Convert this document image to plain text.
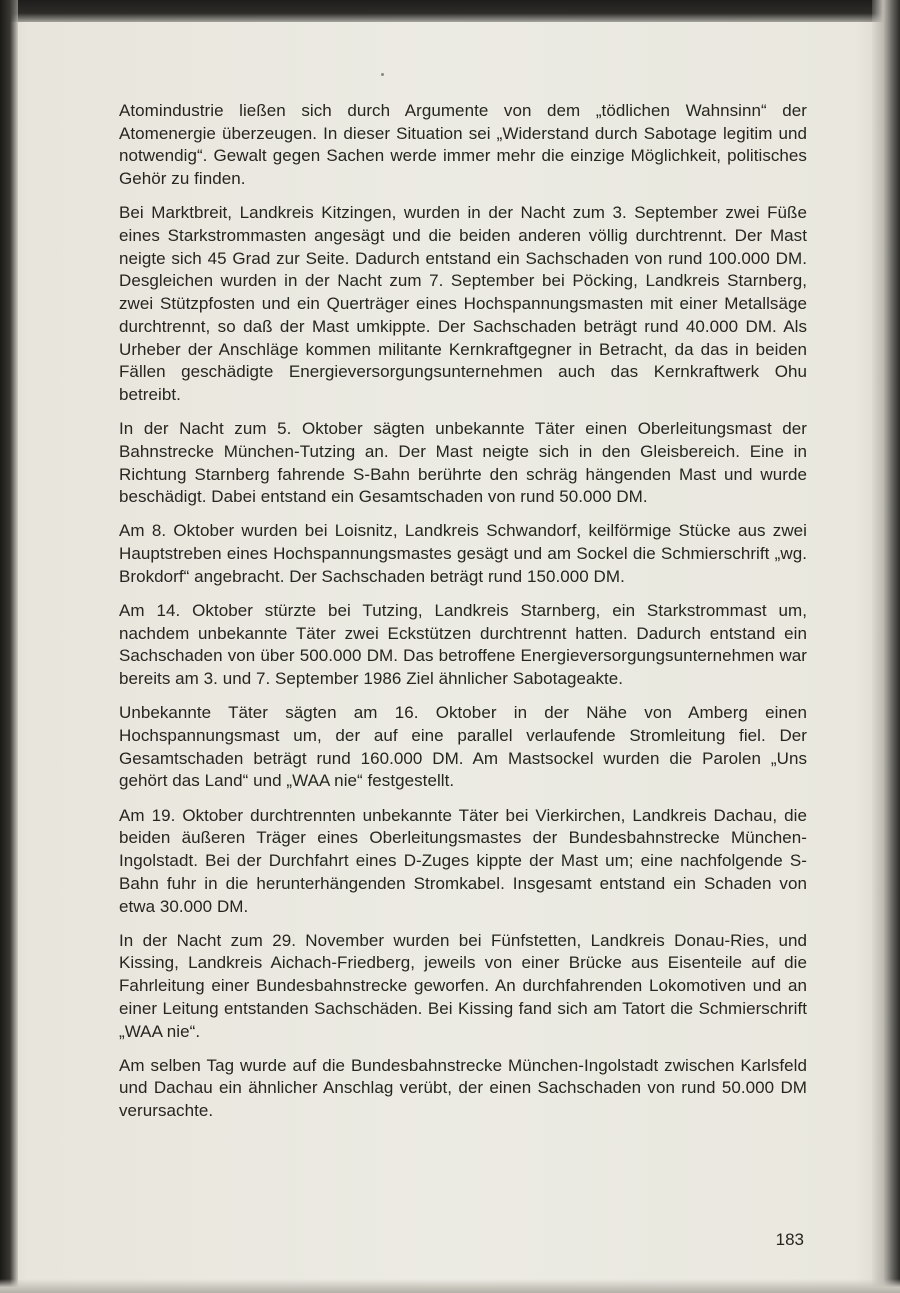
Atomindustrie ließen sich durch Argumente von dem „tödlichen Wahnsinn“ der Atomenergie überzeugen. In dieser Situation sei „Widerstand durch Sabotage legitim und notwendig“. Gewalt gegen Sachen werde immer mehr die einzige Möglichkeit, politisches Gehör zu finden.

Bei Marktbreit, Landkreis Kitzingen, wurden in der Nacht zum 3. September zwei Füße eines Starkstrommasten angesägt und die beiden anderen völlig durchtrennt. Der Mast neigte sich 45 Grad zur Seite. Dadurch entstand ein Sachschaden von rund 100.000 DM. Desgleichen wurden in der Nacht zum 7. September bei Pöcking, Landkreis Starnberg, zwei Stützpfosten und ein Querträger eines Hochspannungsmasten mit einer Metallsäge durchtrennt, so daß der Mast umkippte. Der Sachschaden beträgt rund 40.000 DM. Als Urheber der Anschläge kommen militante Kernkraftgegner in Betracht, da das in beiden Fällen geschädigte Energieversorgungsunternehmen auch das Kernkraftwerk Ohu betreibt.

In der Nacht zum 5. Oktober sägten unbekannte Täter einen Oberleitungsmast der Bahnstrecke München-Tutzing an. Der Mast neigte sich in den Gleisbereich. Eine in Richtung Starnberg fahrende S-Bahn berührte den schräg hängenden Mast und wurde beschädigt. Dabei entstand ein Gesamtschaden von rund 50.000 DM.

Am 8. Oktober wurden bei Loisnitz, Landkreis Schwandorf, keilförmige Stücke aus zwei Hauptstreben eines Hochspannungsmastes gesägt und am Sockel die Schmierschrift „wg. Brokdorf“ angebracht. Der Sachschaden beträgt rund 150.000 DM.

Am 14. Oktober stürzte bei Tutzing, Landkreis Starnberg, ein Starkstrommast um, nachdem unbekannte Täter zwei Eckstützen durchtrennt hatten. Dadurch entstand ein Sachschaden von über 500.000 DM. Das betroffene Energieversorgungsunternehmen war bereits am 3. und 7. September 1986 Ziel ähnlicher Sabotageakte.

Unbekannte Täter sägten am 16. Oktober in der Nähe von Amberg einen Hochspannungsmast um, der auf eine parallel verlaufende Stromleitung fiel. Der Gesamtschaden beträgt rund 160.000 DM. Am Mastsockel wurden die Parolen „Uns gehört das Land“ und „WAA nie“ festgestellt.

Am 19. Oktober durchtrennten unbekannte Täter bei Vierkirchen, Landkreis Dachau, die beiden äußeren Träger eines Oberleitungsmastes der Bundesbahnstrecke München-Ingolstadt. Bei der Durchfahrt eines D-Zuges kippte der Mast um; eine nachfolgende S-Bahn fuhr in die herunterhängenden Stromkabel. Insgesamt entstand ein Schaden von etwa 30.000 DM.

In der Nacht zum 29. November wurden bei Fünfstetten, Landkreis Donau-Ries, und Kissing, Landkreis Aichach-Friedberg, jeweils von einer Brücke aus Eisenteile auf die Fahrleitung einer Bundesbahnstrecke geworfen. An durchfahrenden Lokomotiven und an einer Leitung entstanden Sachschäden. Bei Kissing fand sich am Tatort die Schmierschrift „WAA nie“.

Am selben Tag wurde auf die Bundesbahnstrecke München-Ingolstadt zwischen Karlsfeld und Dachau ein ähnlicher Anschlag verübt, der einen Sachschaden von rund 50.000 DM verursachte.

183
